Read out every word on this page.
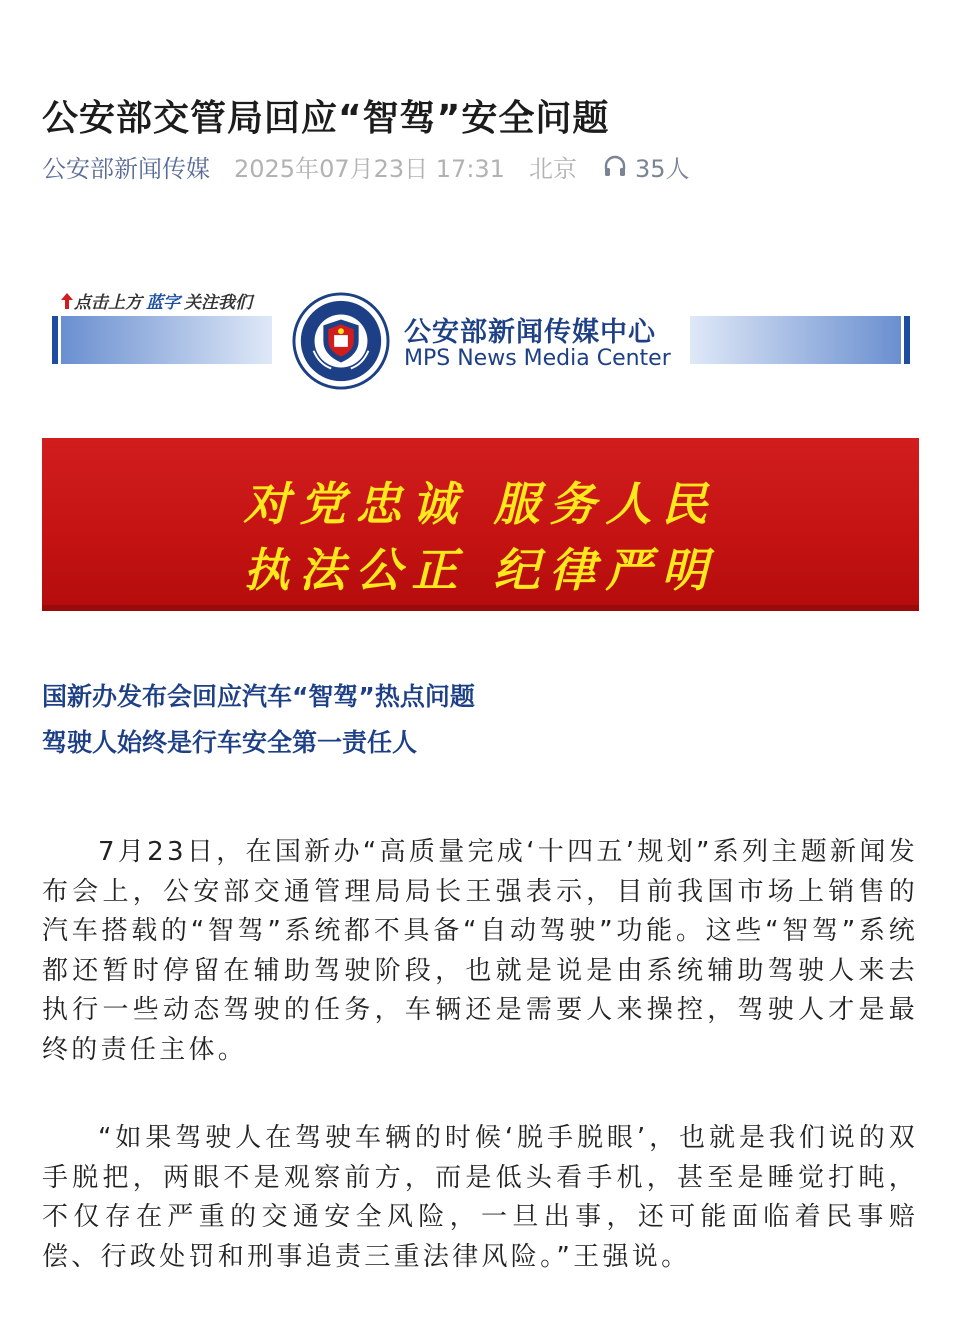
公安部交管局回应“智驾”安全问题
公安部新闻传媒 2025年07月23日 17:31 北京 35人
点击上方 蓝字 关注我们
公安部新闻传媒中心
MPS News Media Center
对党忠诚 服务人民
执法公正 纪律严明
国新办发布会回应汽车“智驾”热点问题
驾驶人始终是行车安全第一责任人

7月23日，在国新办“高质量完成‘十四五’规划”系列主题新闻发布会上，公安部交通管理局局长王强表示，目前我国市场上销售的汽车搭载的“智驾”系统都不具备“自动驾驶”功能。这些“智驾”系统都还暂时停留在辅助驾驶阶段，也就是说是由系统辅助驾驶人来去执行一些动态驾驶的任务，车辆还是需要人来操控，驾驶人才是最终的责任主体。

“如果驾驶人在驾驶车辆的时候‘脱手脱眼’，也就是我们说的双手脱把，两眼不是观察前方，而是低头看手机，甚至是睡觉打盹，不仅存在严重的交通安全风险，一旦出事，还可能面临着民事赔偿、行政处罚和刑事追责三重法律风险。”王强说。
